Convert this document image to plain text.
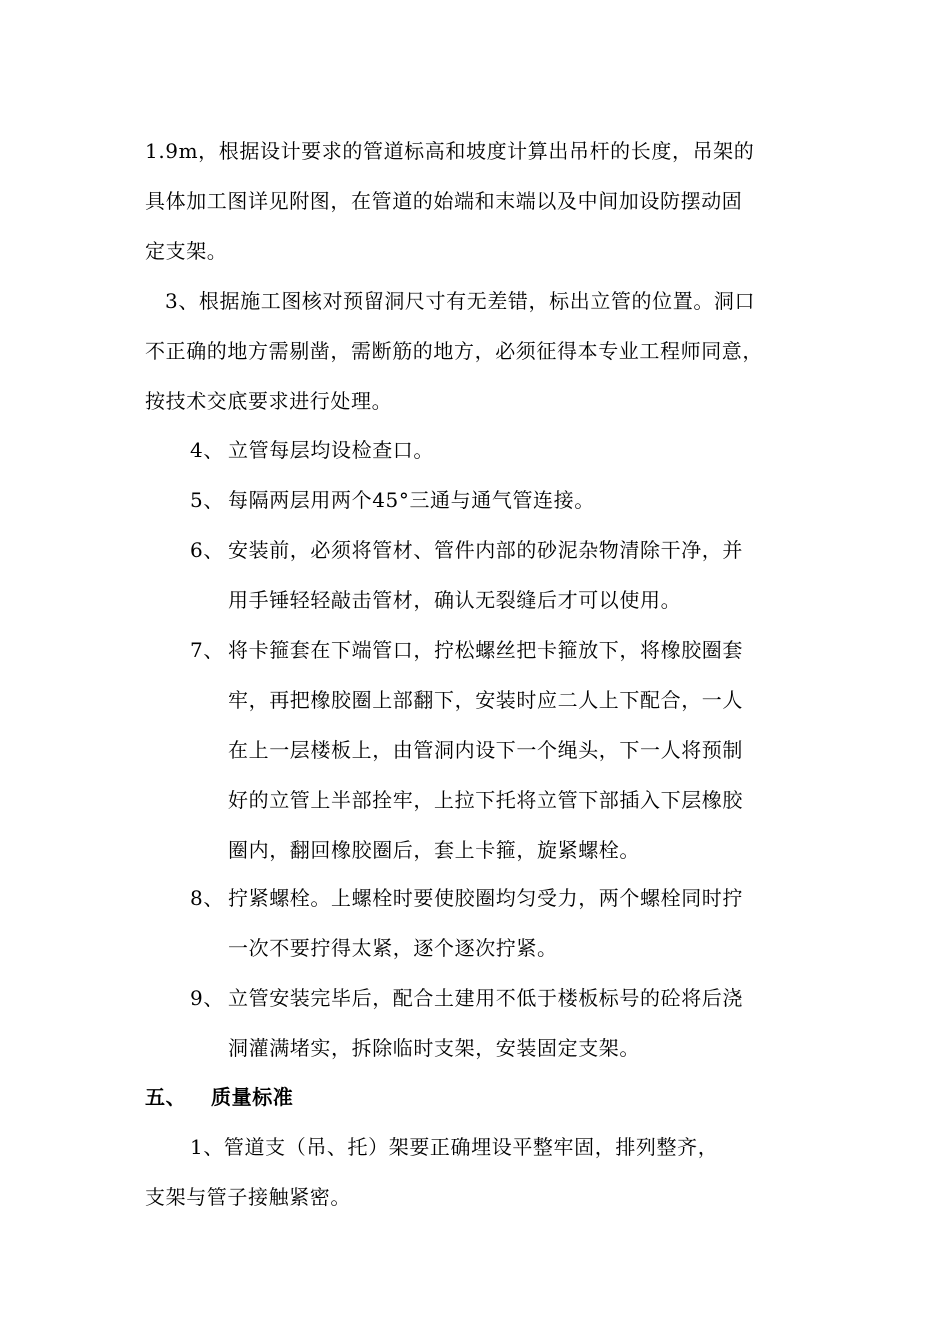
1.9m，根据设计要求的管道标高和坡度计算出吊杆的长度，吊架的
具体加工图详见附图，在管道的始端和末端以及中间加设防摆动固
定支架。
3、根据施工图核对预留洞尺寸有无差错，标出立管的位置。洞口
不正确的地方需剔凿，需断筋的地方，必须征得本专业工程师同意，
按技术交底要求进行处理。
4、 立管每层均设检查口。
5、 每隔两层用两个45°三通与通气管连接。
6、 安装前，必须将管材、管件内部的砂泥杂物清除干净，并
用手锤轻轻敲击管材，确认无裂缝后才可以使用。
7、 将卡箍套在下端管口，拧松螺丝把卡箍放下，将橡胶圈套
牢，再把橡胶圈上部翻下，安装时应二人上下配合，一人
在上一层楼板上，由管洞内设下一个绳头，下一人将预制
好的立管上半部拴牢，上拉下托将立管下部插入下层橡胶
圈内，翻回橡胶圈后，套上卡箍，旋紧螺栓。
8、 拧紧螺栓。上螺栓时要使胶圈均匀受力，两个螺栓同时拧
一次不要拧得太紧，逐个逐次拧紧。
9、 立管安装完毕后，配合土建用不低于楼板标号的砼将后浇
洞灌满堵实，拆除临时支架，安装固定支架。
五、 质量标准
1、管道支（吊、托）架要正确埋设平整牢固，排列整齐，
支架与管子接触紧密。
